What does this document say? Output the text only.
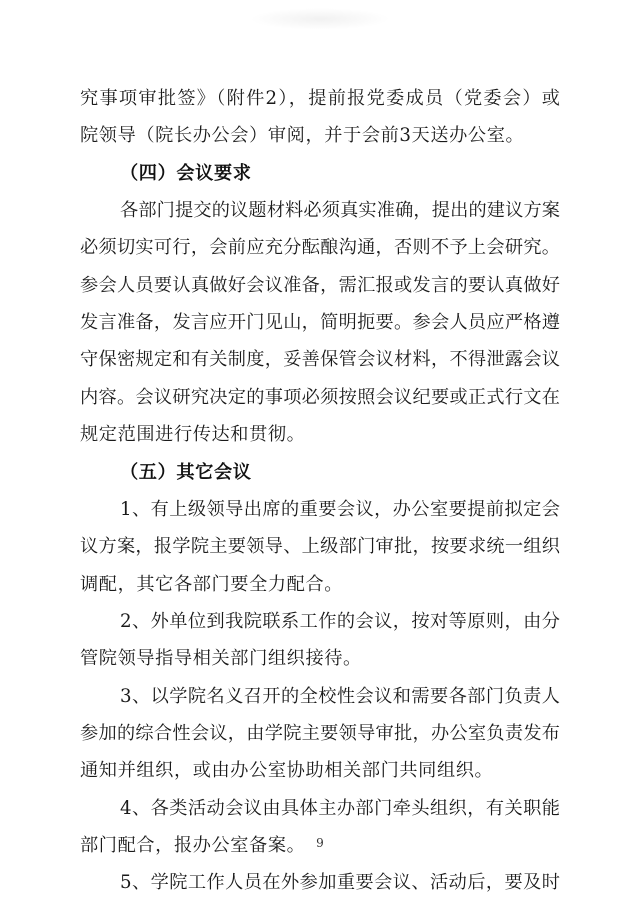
究事项审批签》（附件2），提前报党委成员（党委会）或
院领导（院长办公会）审阅，并于会前3天送办公室。
（四）会议要求
各部门提交的议题材料必须真实准确，提出的建议方案
必须切实可行，会前应充分酝酿沟通，否则不予上会研究。
参会人员要认真做好会议准备，需汇报或发言的要认真做好
发言准备，发言应开门见山，简明扼要。参会人员应严格遵
守保密规定和有关制度，妥善保管会议材料，不得泄露会议
内容。会议研究决定的事项必须按照会议纪要或正式行文在
规定范围进行传达和贯彻。
（五）其它会议
1、有上级领导出席的重要会议，办公室要提前拟定会
议方案，报学院主要领导、上级部门审批，按要求统一组织
调配，其它各部门要全力配合。
2、外单位到我院联系工作的会议，按对等原则，由分
管院领导指导相关部门组织接待。
3、以学院名义召开的全校性会议和需要各部门负责人
参加的综合性会议，由学院主要领导审批，办公室负责发布
通知并组织，或由办公室协助相关部门共同组织。
4、各类活动会议由具体主办部门牵头组织，有关职能
部门配合，报办公室备案。
5、学院工作人员在外参加重要会议、活动后，要及时
9
